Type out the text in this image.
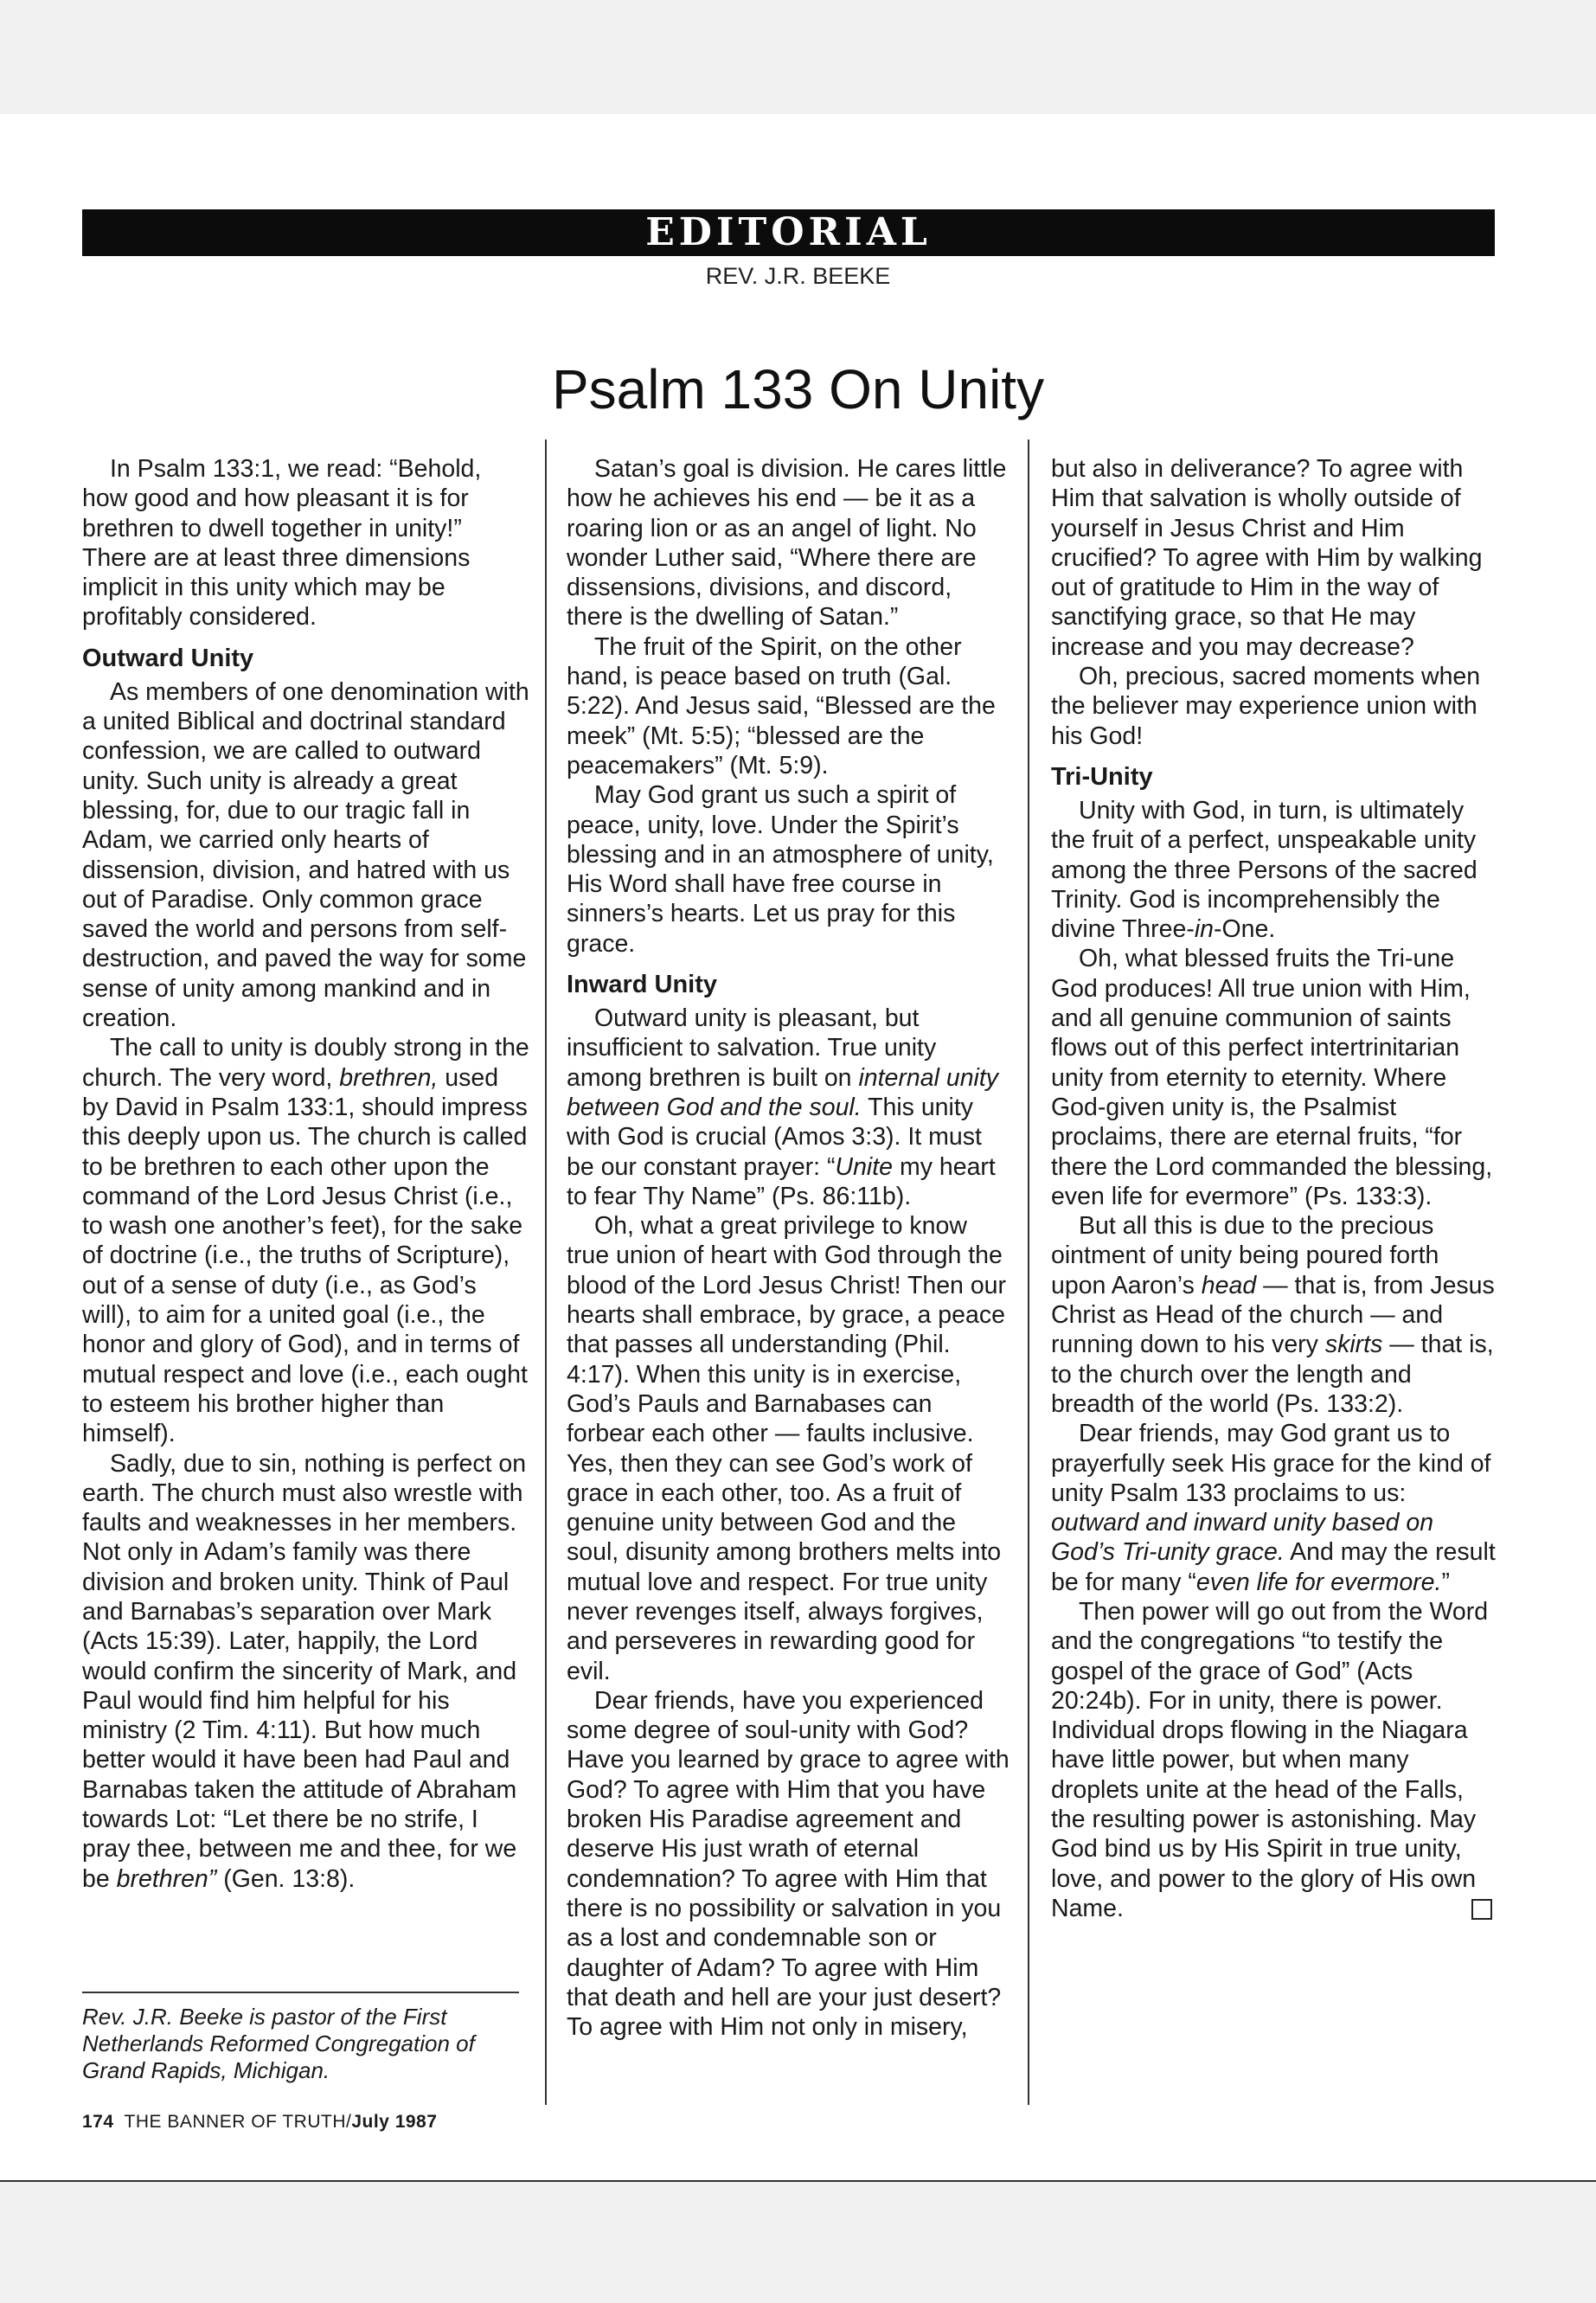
EDITORIAL
REV. J.R. BEEKE
Psalm 133 On Unity

In Psalm 133:1, we read: “Behold, how good and how pleasant it is for brethren to dwell together in unity!” There are at least three dimensions implicit in this unity which may be profitably considered.

Outward Unity

As members of one denomination with a united Biblical and doctrinal standard confession, we are called to outward unity. Such unity is already a great blessing, for, due to our tragic fall in Adam, we carried only hearts of dissension, division, and hatred with us out of Paradise. Only common grace saved the world and persons from self-destruction, and paved the way for some sense of unity among mankind and in creation.

The call to unity is doubly strong in the church. The very word, brethren, used by David in Psalm 133:1, should impress this deeply upon us. The church is called to be brethren to each other upon the command of the Lord Jesus Christ (i.e., to wash one another’s feet), for the sake of doctrine (i.e., the truths of Scripture), out of a sense of duty (i.e., as God’s will), to aim for a united goal (i.e., the honor and glory of God), and in terms of mutual respect and love (i.e., each ought to esteem his brother higher than himself).

Sadly, due to sin, nothing is perfect on earth. The church must also wrestle with faults and weaknesses in her members. Not only in Adam’s family was there division and broken unity. Think of Paul and Barnabas’s separation over Mark (Acts 15:39). Later, happily, the Lord would confirm the sincerity of Mark, and Paul would find him helpful for his ministry (2 Tim. 4:11). But how much better would it have been had Paul and Barnabas taken the attitude of Abraham towards Lot: “Let there be no strife, I pray thee, between me and thee, for we be brethren” (Gen. 13:8).

Rev. J.R. Beeke is pastor of the First Netherlands Reformed Congregation of Grand Rapids, Michigan.

Satan’s goal is division. He cares little how he achieves his end — be it as a roaring lion or as an angel of light. No wonder Luther said, “Where there are dissensions, divisions, and discord, there is the dwelling of Satan.”

The fruit of the Spirit, on the other hand, is peace based on truth (Gal. 5:22). And Jesus said, “Blessed are the meek” (Mt. 5:5); “blessed are the peacemakers” (Mt. 5:9).

May God grant us such a spirit of peace, unity, love. Under the Spirit’s blessing and in an atmosphere of unity, His Word shall have free course in sinners’s hearts. Let us pray for this grace.

Inward Unity

Outward unity is pleasant, but insufficient to salvation. True unity among brethren is built on internal unity between God and the soul. This unity with God is crucial (Amos 3:3). It must be our constant prayer: “Unite my heart to fear Thy Name” (Ps. 86:11b).

Oh, what a great privilege to know true union of heart with God through the blood of the Lord Jesus Christ! Then our hearts shall embrace, by grace, a peace that passes all understanding (Phil. 4:17). When this unity is in exercise, God’s Pauls and Barnabases can forbear each other — faults inclusive. Yes, then they can see God’s work of grace in each other, too. As a fruit of genuine unity between God and the soul, disunity among brothers melts into mutual love and respect. For true unity never revenges itself, always forgives, and perseveres in rewarding good for evil.

Dear friends, have you experienced some degree of soul-unity with God? Have you learned by grace to agree with God? To agree with Him that you have broken His Paradise agreement and deserve His just wrath of eternal condemnation? To agree with Him that there is no possibility or salvation in you as a lost and condemnable son or daughter of Adam? To agree with Him that death and hell are your just desert? To agree with Him not only in misery,

but also in deliverance? To agree with Him that salvation is wholly outside of yourself in Jesus Christ and Him crucified? To agree with Him by walking out of gratitude to Him in the way of sanctifying grace, so that He may increase and you may decrease?

Oh, precious, sacred moments when the believer may experience union with his God!

Tri-Unity

Unity with God, in turn, is ultimately the fruit of a perfect, unspeakable unity among the three Persons of the sacred Trinity. God is incomprehensibly the divine Three-in-One.

Oh, what blessed fruits the Tri-une God produces! All true union with Him, and all genuine communion of saints flows out of this perfect intertrinitarian unity from eternity to eternity. Where God-given unity is, the Psalmist proclaims, there are eternal fruits, “for there the Lord commanded the blessing, even life for evermore” (Ps. 133:3).

But all this is due to the precious ointment of unity being poured forth upon Aaron’s head — that is, from Jesus Christ as Head of the church — and running down to his very skirts — that is, to the church over the length and breadth of the world (Ps. 133:2).

Dear friends, may God grant us to prayerfully seek His grace for the kind of unity Psalm 133 proclaims to us: outward and inward unity based on God’s Tri-unity grace. And may the result be for many “even life for evermore.”

Then power will go out from the Word and the congregations “to testify the gospel of the grace of God” (Acts 20:24b). For in unity, there is power. Individual drops flowing in the Niagara have little power, but when many droplets unite at the head of the Falls, the resulting power is astonishing. May God bind us by His Spirit in true unity, love, and power to the glory of His own Name.

174 THE BANNER OF TRUTH/July 1987
